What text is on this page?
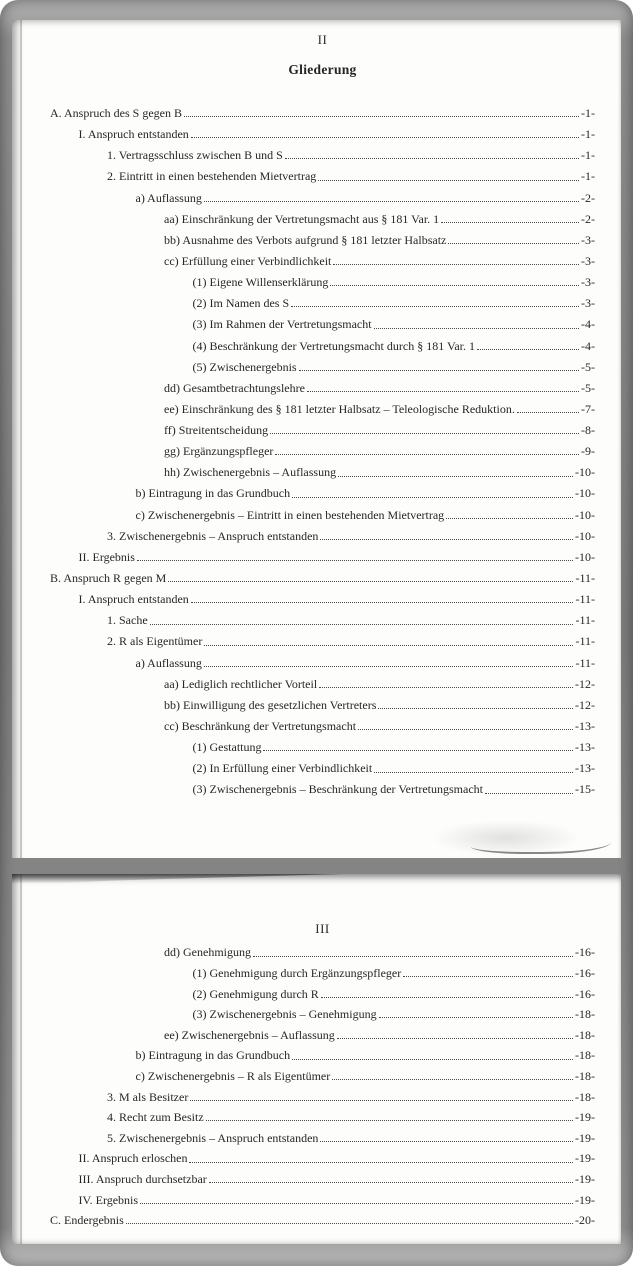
II
Gliederung
A. Anspruch des S gegen B	-1-
I. Anspruch entstanden	-1-
1. Vertragsschluss zwischen B und S	-1-
2. Eintritt in einen bestehenden Mietvertrag	-1-
a) Auflassung	-2-
aa) Einschränkung der Vertretungsmacht aus § 181 Var. 1	-2-
bb) Ausnahme des Verbots aufgrund § 181 letzter Halbsatz	-3-
cc) Erfüllung einer Verbindlichkeit	-3-
(1) Eigene Willenserklärung	-3-
(2) Im Namen des S	-3-
(3) Im Rahmen der Vertretungsmacht	-4-
(4) Beschränkung der Vertretungsmacht durch § 181 Var. 1	-4-
(5) Zwischenergebnis	-5-
dd) Gesamtbetrachtungslehre	-5-
ee) Einschränkung des § 181 letzter Halbsatz – Teleologische Reduktion.	-7-
ff) Streitentscheidung	-8-
gg) Ergänzungspfleger	-9-
hh) Zwischenergebnis – Auflassung	-10-
b) Eintragung in das Grundbuch	-10-
c) Zwischenergebnis – Eintritt in einen bestehenden Mietvertrag	-10-
3. Zwischenergebnis – Anspruch entstanden	-10-
II. Ergebnis	-10-
B. Anspruch R gegen M	-11-
I. Anspruch entstanden	-11-
1. Sache	-11-
2. R als Eigentümer	-11-
a) Auflassung	-11-
aa) Lediglich rechtlicher Vorteil	-12-
bb) Einwilligung des gesetzlichen Vertreters	-12-
cc) Beschränkung der Vertretungsmacht	-13-
(1) Gestattung	-13-
(2) In Erfüllung einer Verbindlichkeit	-13-
(3) Zwischenergebnis – Beschränkung der Vertretungsmacht	-15-
III
dd) Genehmigung	-16-
(1) Genehmigung durch Ergänzungspfleger	-16-
(2) Genehmigung durch R	-16-
(3) Zwischenergebnis – Genehmigung	-18-
ee) Zwischenergebnis – Auflassung	-18-
b) Eintragung in das Grundbuch	-18-
c) Zwischenergebnis – R als Eigentümer	-18-
3. M als Besitzer	-18-
4. Recht zum Besitz	-19-
5. Zwischenergebnis – Anspruch entstanden	-19-
II. Anspruch erloschen	-19-
III. Anspruch durchsetzbar	-19-
IV. Ergebnis	-19-
C. Endergebnis	-20-
